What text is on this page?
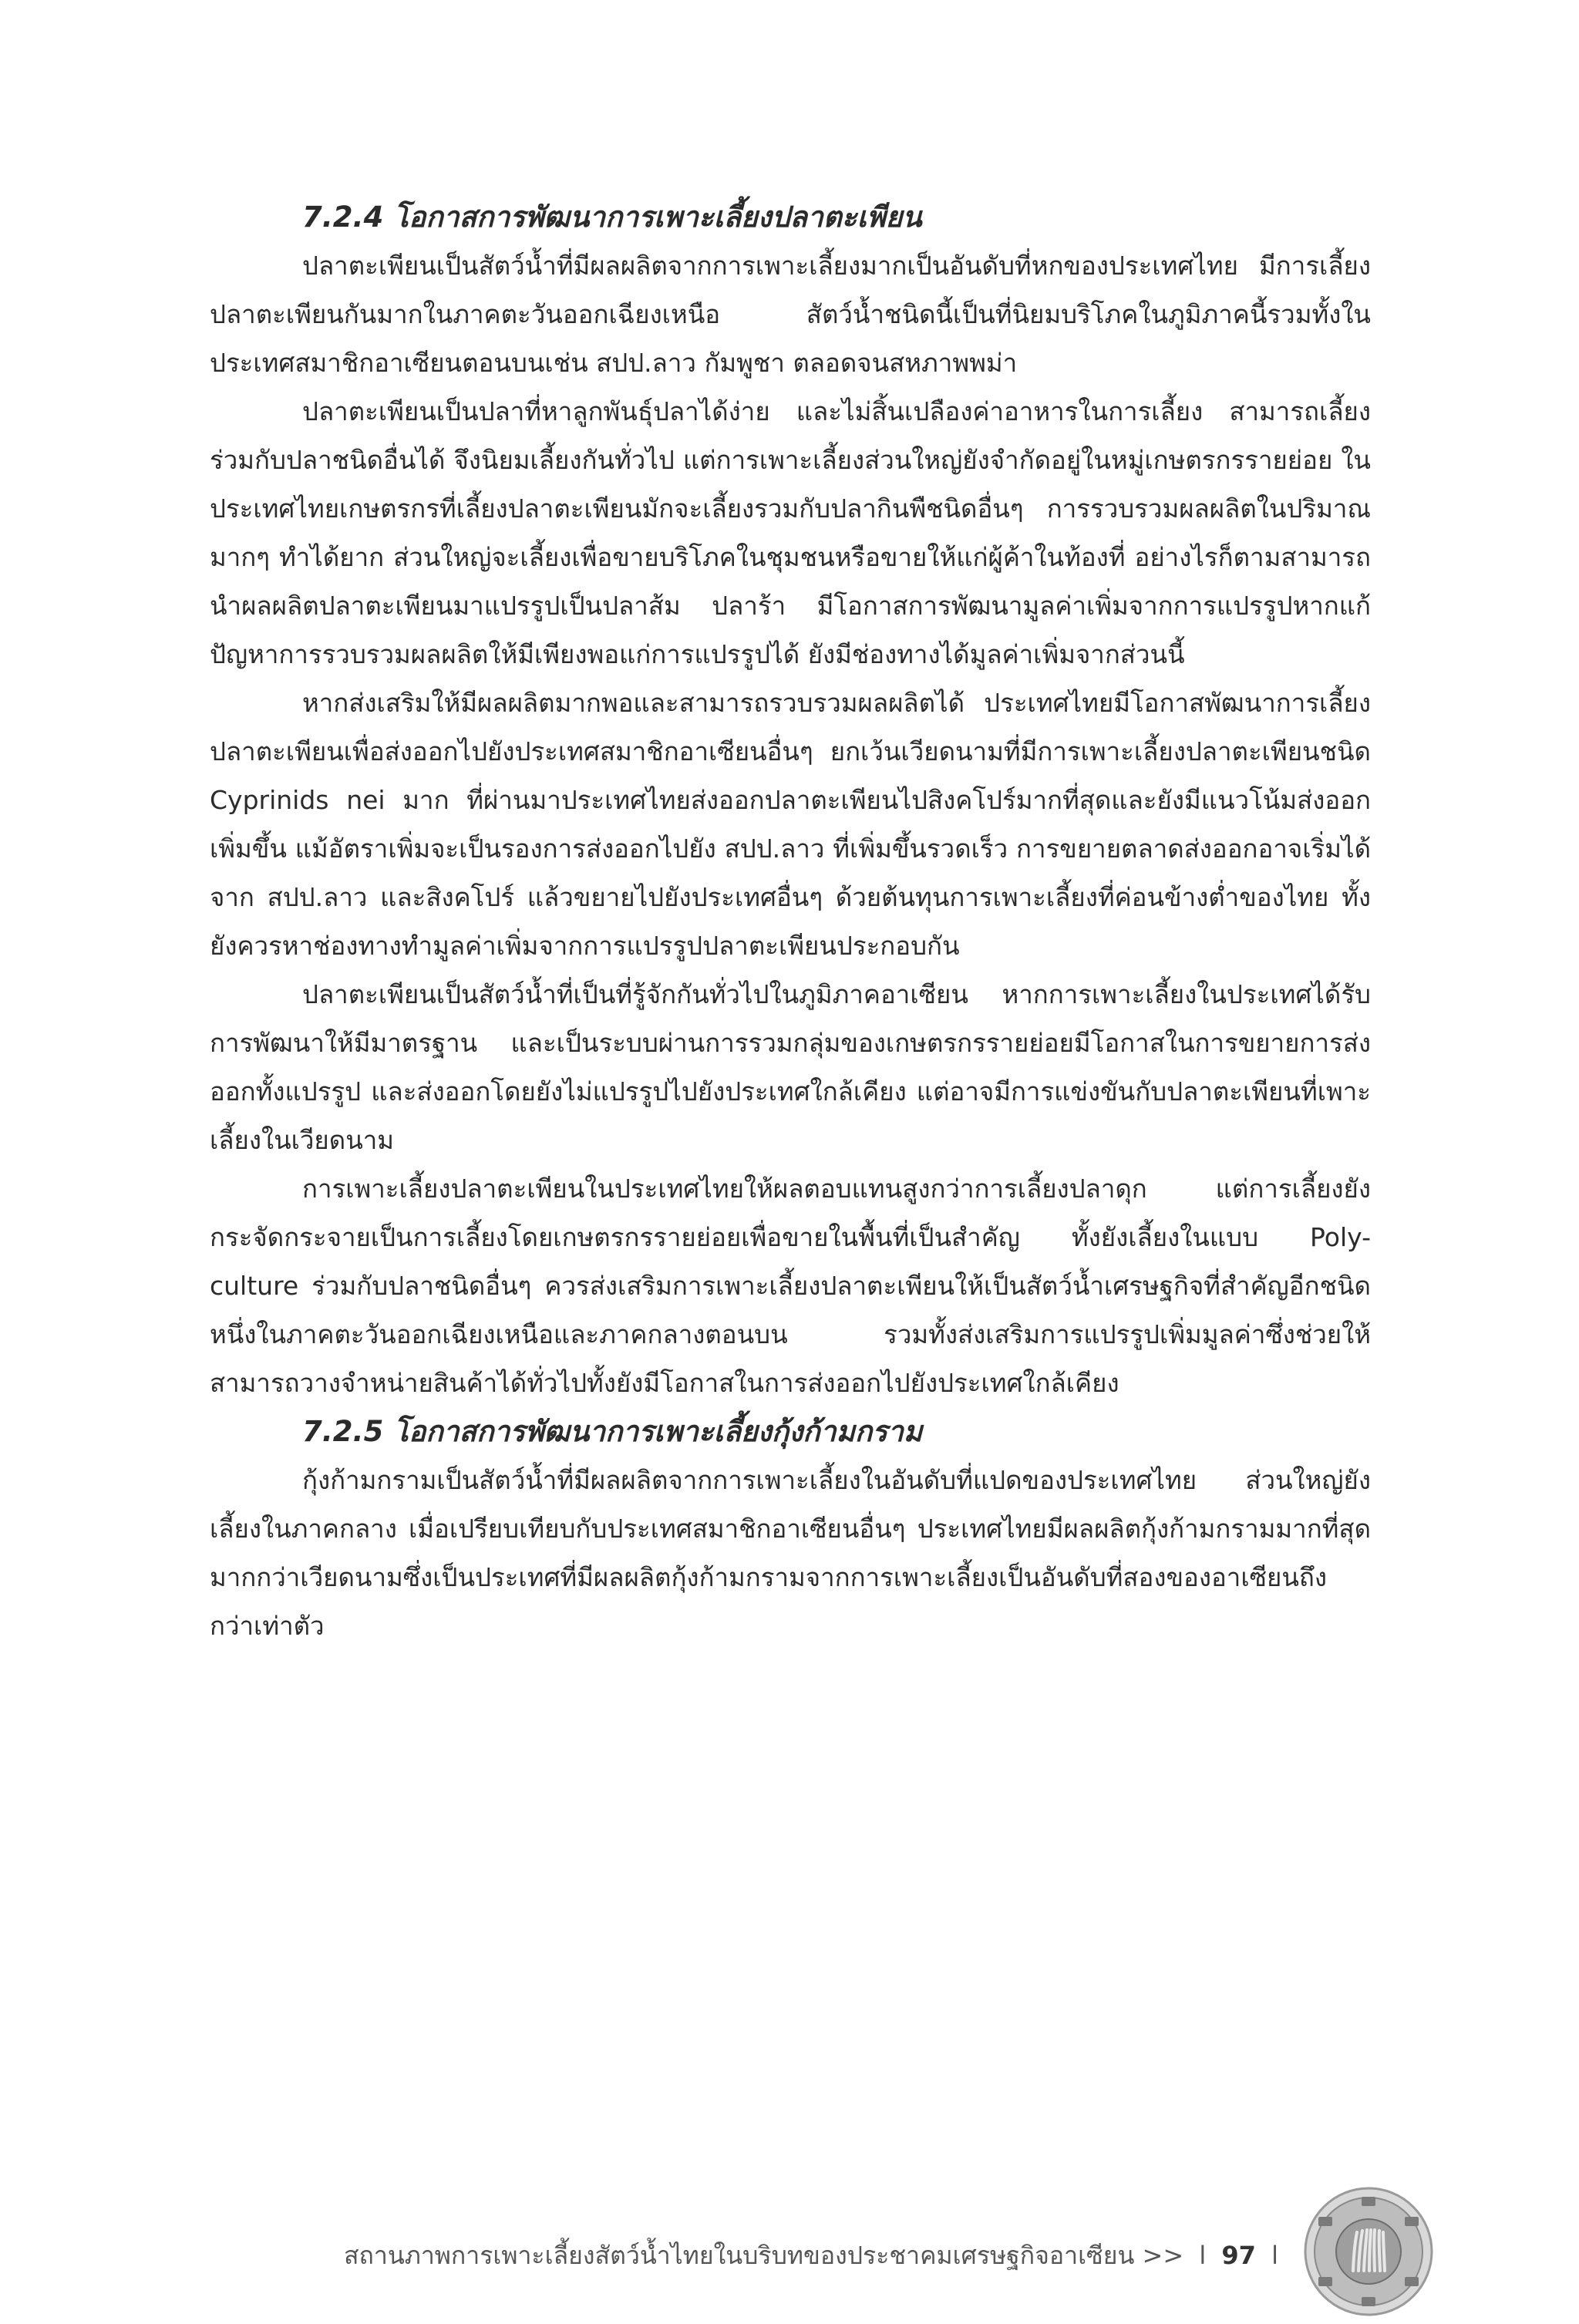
7.2.4 โอกาสการพัฒนาการเพาะเลี้ยงปลาตะเพียน

ปลาตะเพียนเป็นสัตว์น้ำที่มีผลผลิตจากการเพาะเลี้ยงมากเป็นอันดับที่หกของประเทศไทย มีการเลี้ยงปลาตะเพียนกันมากในภาคตะวันออกเฉียงเหนือ สัตว์น้ำชนิดนี้เป็นที่นิยมบริโภคในภูมิภาคนี้รวมทั้งในประเทศสมาชิกอาเซียนตอนบนเช่น สปป.ลาว กัมพูชา ตลอดจนสหภาพพม่า

ปลาตะเพียนเป็นปลาที่หาลูกพันธุ์ปลาได้ง่าย และไม่สิ้นเปลืองค่าอาหารในการเลี้ยง สามารถเลี้ยงร่วมกับปลาชนิดอื่นได้ จึงนิยมเลี้ยงกันทั่วไป แต่การเพาะเลี้ยงส่วนใหญ่ยังจำกัดอยู่ในหมู่เกษตรกรรายย่อย ในประเทศไทยเกษตรกรที่เลี้ยงปลาตะเพียนมักจะเลี้ยงรวมกับปลากินพืชนิดอื่นๆ การรวบรวมผลผลิตในปริมาณมากๆ ทำได้ยาก ส่วนใหญ่จะเลี้ยงเพื่อขายบริโภคในชุมชนหรือขายให้แก่ผู้ค้าในท้องที่ อย่างไรก็ตามสามารถนำผลผลิตปลาตะเพียนมาแปรรูปเป็นปลาส้ม ปลาร้า มีโอกาสการพัฒนามูลค่าเพิ่มจากการแปรรูปหากแก้ปัญหาการรวบรวมผลผลิตให้มีเพียงพอแก่การแปรรูปได้ ยังมีช่องทางได้มูลค่าเพิ่มจากส่วนนี้

หากส่งเสริมให้มีผลผลิตมากพอและสามารถรวบรวมผลผลิตได้ ประเทศไทยมีโอกาสพัฒนาการเลี้ยงปลาตะเพียนเพื่อส่งออกไปยังประเทศสมาชิกอาเซียนอื่นๆ ยกเว้นเวียดนามที่มีการเพาะเลี้ยงปลาตะเพียนชนิด Cyprinids nei มาก ที่ผ่านมาประเทศไทยส่งออกปลาตะเพียนไปสิงคโปร์มากที่สุดและยังมีแนวโน้มส่งออกเพิ่มขึ้น แม้อัตราเพิ่มจะเป็นรองการส่งออกไปยัง สปป.ลาว ที่เพิ่มขึ้นรวดเร็ว การขยายตลาดส่งออกอาจเริ่มได้จาก สปป.ลาว และสิงคโปร์ แล้วขยายไปยังประเทศอื่นๆ ด้วยต้นทุนการเพาะเลี้ยงที่ค่อนข้างต่ำของไทย ทั้งยังควรหาช่องทางทำมูลค่าเพิ่มจากการแปรรูปปลาตะเพียนประกอบกัน

ปลาตะเพียนเป็นสัตว์น้ำที่เป็นที่รู้จักกันทั่วไปในภูมิภาคอาเซียน หากการเพาะเลี้ยงในประเทศได้รับการพัฒนาให้มีมาตรฐาน และเป็นระบบผ่านการรวมกลุ่มของเกษตรกรรายย่อยมีโอกาสในการขยายการส่งออกทั้งแปรรูป และส่งออกโดยยังไม่แปรรูปไปยังประเทศใกล้เคียง แต่อาจมีการแข่งขันกับปลาตะเพียนที่เพาะเลี้ยงในเวียดนาม

การเพาะเลี้ยงปลาตะเพียนในประเทศไทยให้ผลตอบแทนสูงกว่าการเลี้ยงปลาดุก แต่การเลี้ยงยังกระจัดกระจายเป็นการเลี้ยงโดยเกษตรกรรายย่อยเพื่อขายในพื้นที่เป็นสำคัญ ทั้งยังเลี้ยงในแบบ Poly-culture ร่วมกับปลาชนิดอื่นๆ ควรส่งเสริมการเพาะเลี้ยงปลาตะเพียนให้เป็นสัตว์น้ำเศรษฐกิจที่สำคัญอีกชนิดหนึ่งในภาคตะวันออกเฉียงเหนือและภาคกลางตอนบน รวมทั้งส่งเสริมการแปรรูปเพิ่มมูลค่าซึ่งช่วยให้สามารถวางจำหน่ายสินค้าได้ทั่วไปทั้งยังมีโอกาสในการส่งออกไปยังประเทศใกล้เคียง

7.2.5 โอกาสการพัฒนาการเพาะเลี้ยงกุ้งก้ามกราม

กุ้งก้ามกรามเป็นสัตว์น้ำที่มีผลผลิตจากการเพาะเลี้ยงในอันดับที่แปดของประเทศไทย ส่วนใหญ่ยังเลี้ยงในภาคกลาง เมื่อเปรียบเทียบกับประเทศสมาชิกอาเซียนอื่นๆ ประเทศไทยมีผลผลิตกุ้งก้ามกรามมากที่สุด มากกว่าเวียดนามซึ่งเป็นประเทศที่มีผลผลิตกุ้งก้ามกรามจากการเพาะเลี้ยงเป็นอันดับที่สองของอาเซียนถึงกว่าเท่าตัว

สถานภาพการเพาะเลี้ยงสัตว์น้ำไทยในบริบทของประชาคมเศรษฐกิจอาเซียน >> l 97 l
